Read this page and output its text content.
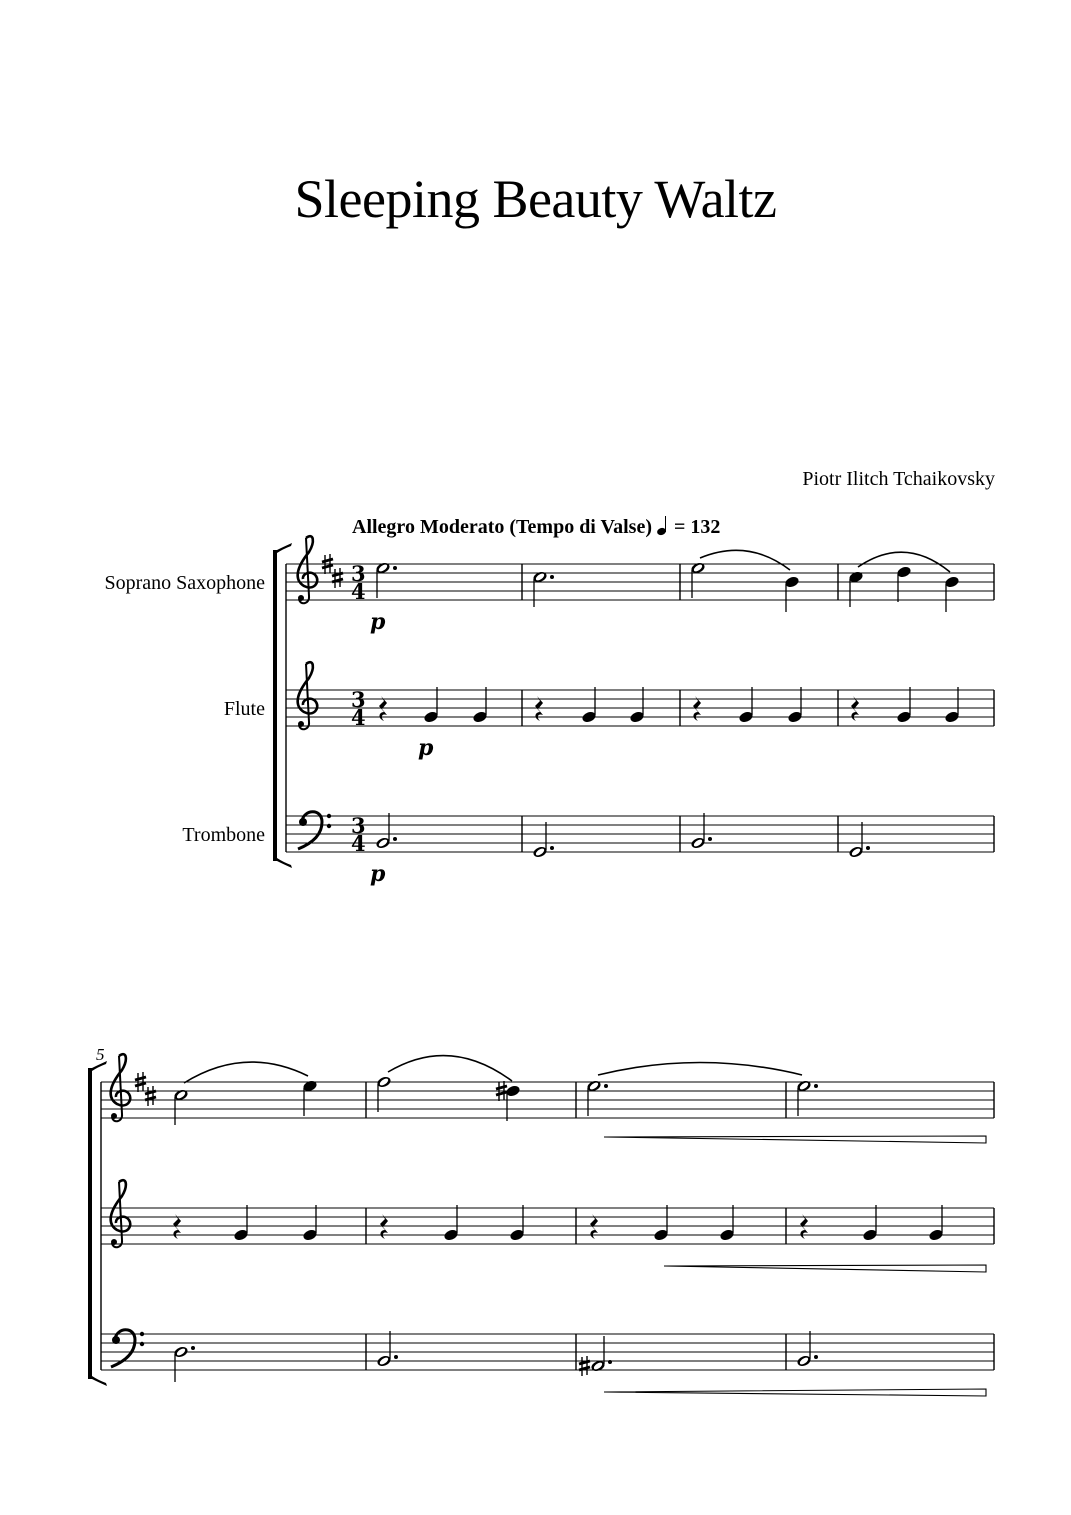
Sleeping Beauty Waltz
Piotr Ilitch Tchaikovsky
Allegro Moderato (Tempo di Valse) = 132
Soprano Saxophone
Flute
Trombone
3
4
3
4
3
4
p
p
p
5
